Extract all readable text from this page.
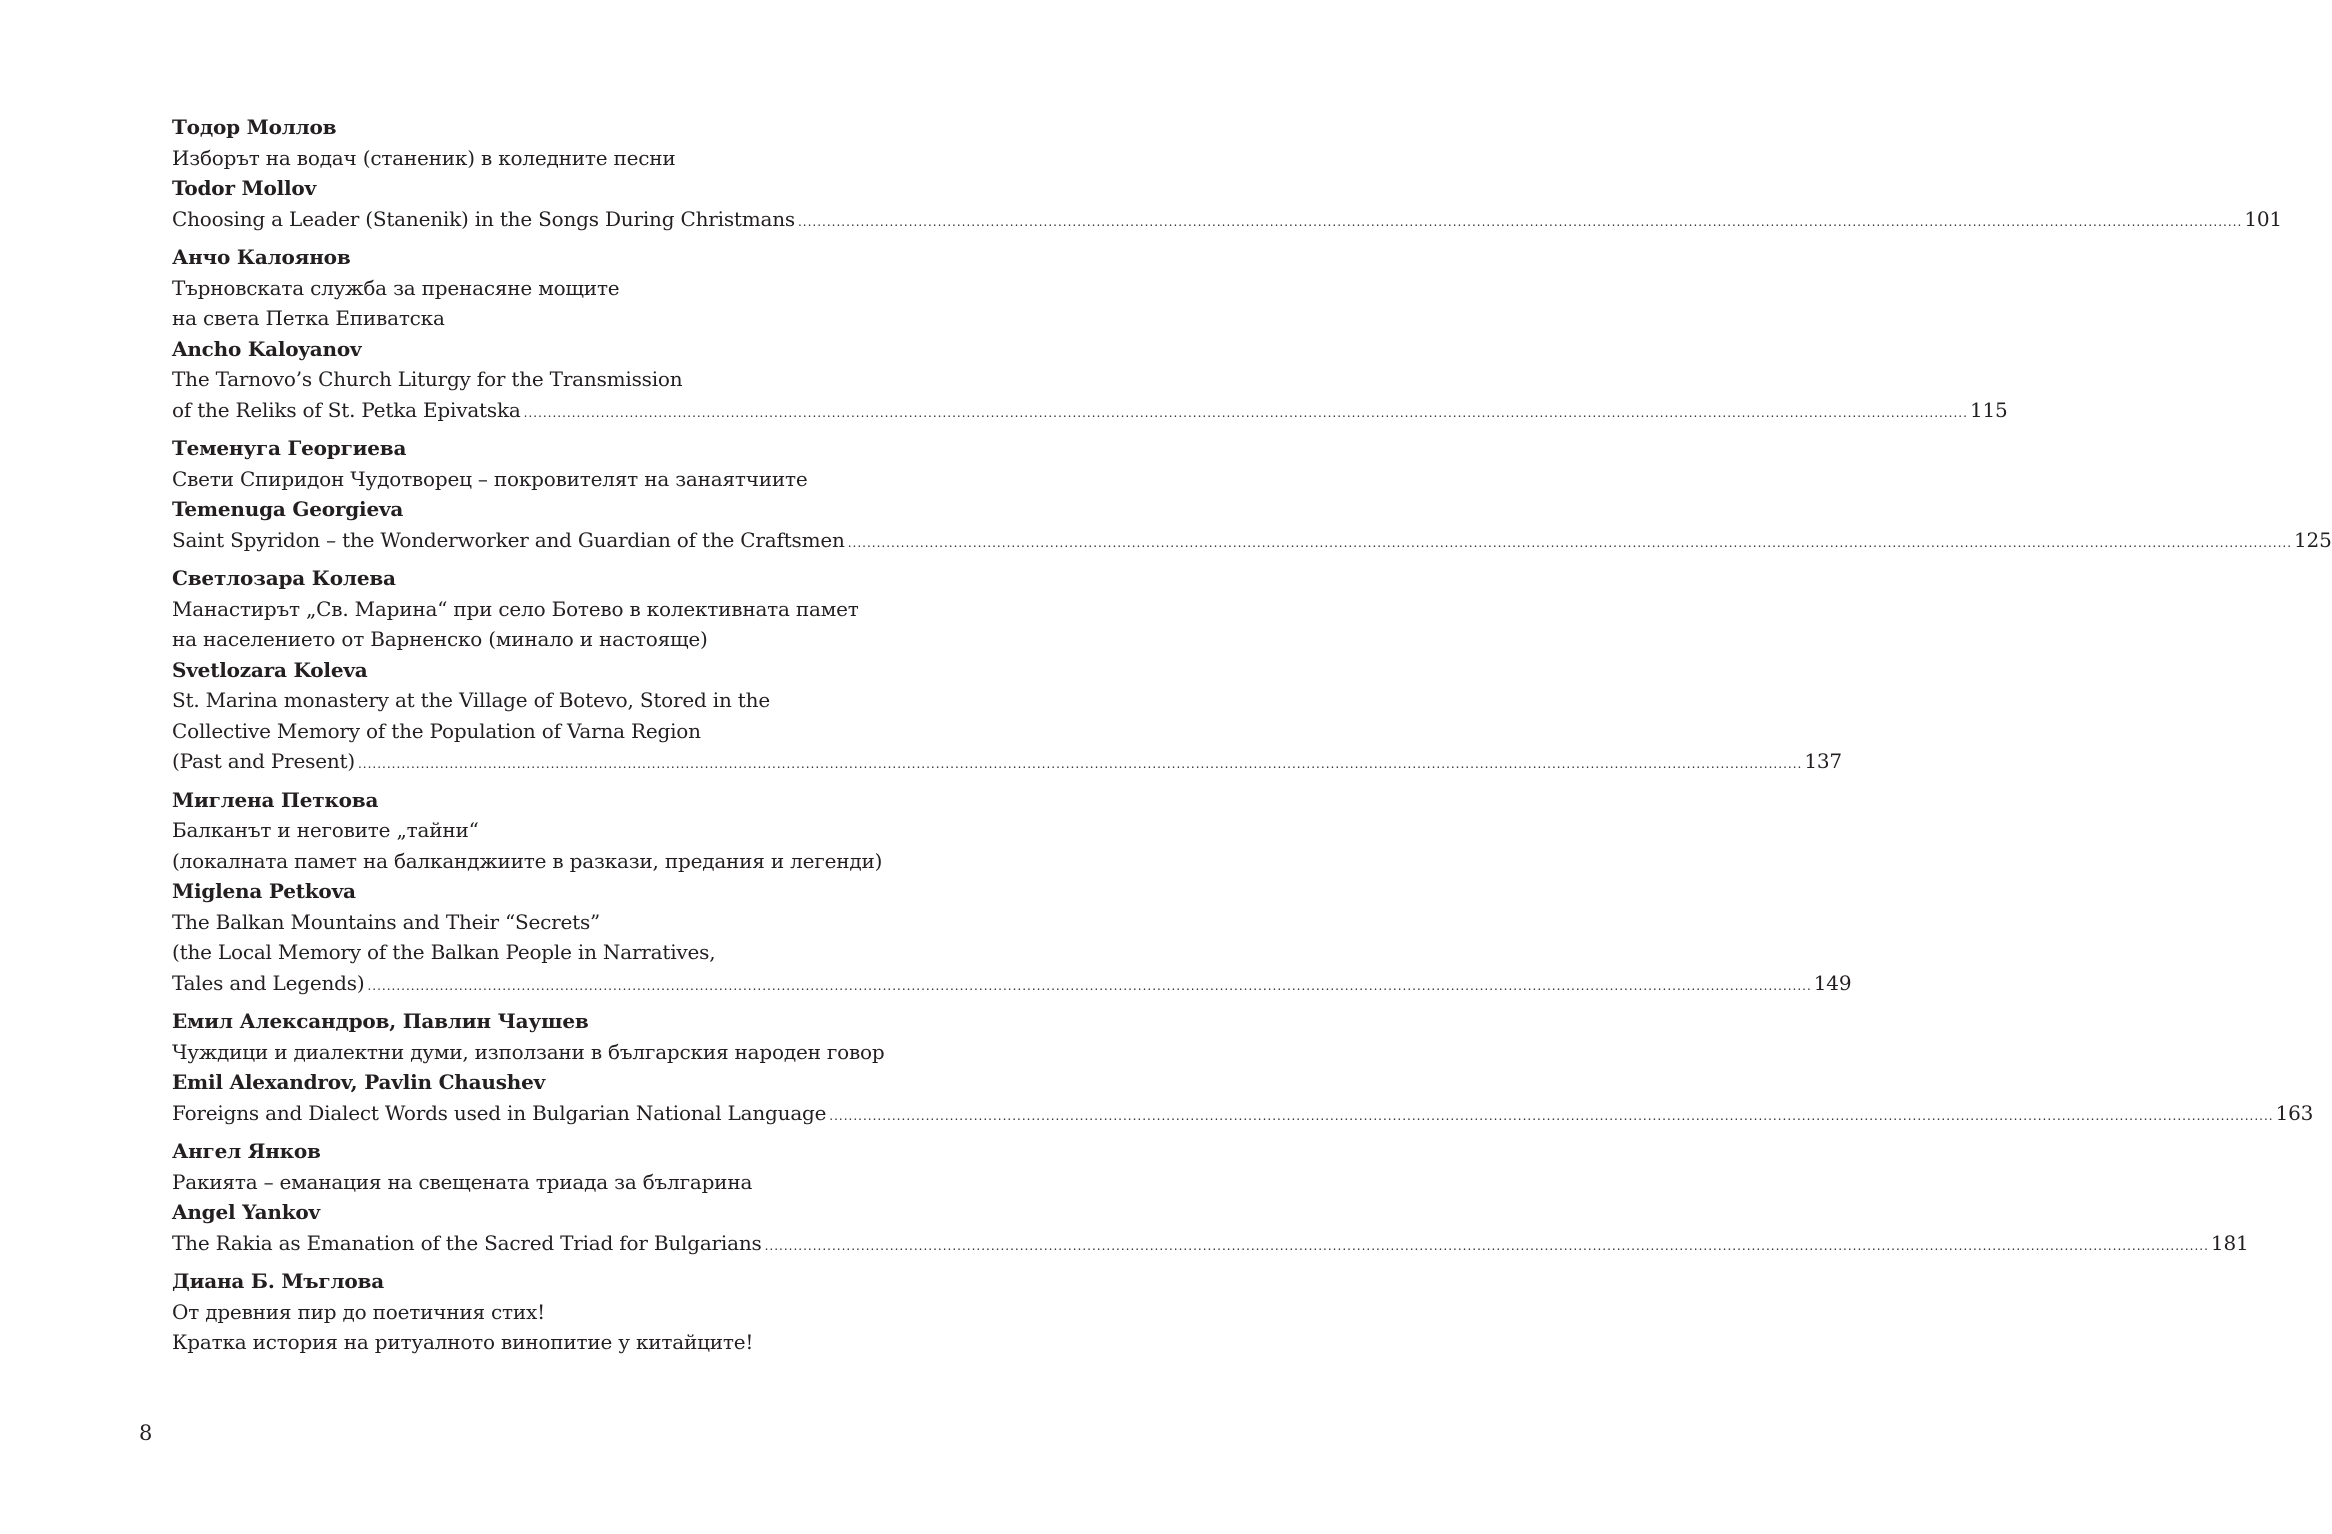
Тодор Моллов
Изборът на водач (станеник) в коледните песни
Todor Mollov
Choosing a Leader (Stanenik) in the Songs During Christmans ............................................................................................................................................................................................................................................................................................................ 101
Анчо Калоянов
Търновската служба за пренасяне мощите
на света Петка Епиватска
Ancho Kaloyanov
The Tarnovo’s Church Liturgy for the Transmission
of the Reliks of St. Petka Epivatska ............................................................................................................................................................................................................................................................................................................ 115
Теменуга Георгиева
Свети Спиридон Чудотворец – покровителят на занаятчиите
Temenuga Georgieva
Saint Spyridon – the Wonderworker and Guardian of the Craftsmen ............................................................................................................................................................................................................................................................................................................ 125
Светлозара Колева
Манастирът „Св. Марина“ при село Ботево в колективната памет
на населението от Варненско (минало и настояще)
Svetlozara Koleva
St. Marina monastery at the Village of Botevo, Stored in the
Collective Memory of the Population of Varna Region
(Past and Present) ............................................................................................................................................................................................................................................................................................................ 137
Миглена Петкова
Балканът и неговите „тайни“
(локалната памет на балканджиите в разкази, предания и легенди)
Miglena Petkova
The Balkan Mountains and Their “Secrets”
(the Local Memory of the Balkan People in Narratives,
Tales and Legends) ............................................................................................................................................................................................................................................................................................................ 149
Емил Александров, Павлин Чаушев
Чуждици и диалектни думи, използани в българския народен говор
Emil Alexandrov, Pavlin Chaushev
Foreigns and Dialect Words used in Bulgarian National Language ............................................................................................................................................................................................................................................................................................................ 163
Ангел Янков
Ракията – еманация на свещената триада за българина
Angel Yankov
The Rakia as Emanation of the Sacred Triad for Bulgarians ............................................................................................................................................................................................................................................................................................................ 181
Диана Б. Мъглова
От древния пир до поетичния стих!
Кратка история на ритуалното винопитие у китайците!
8
